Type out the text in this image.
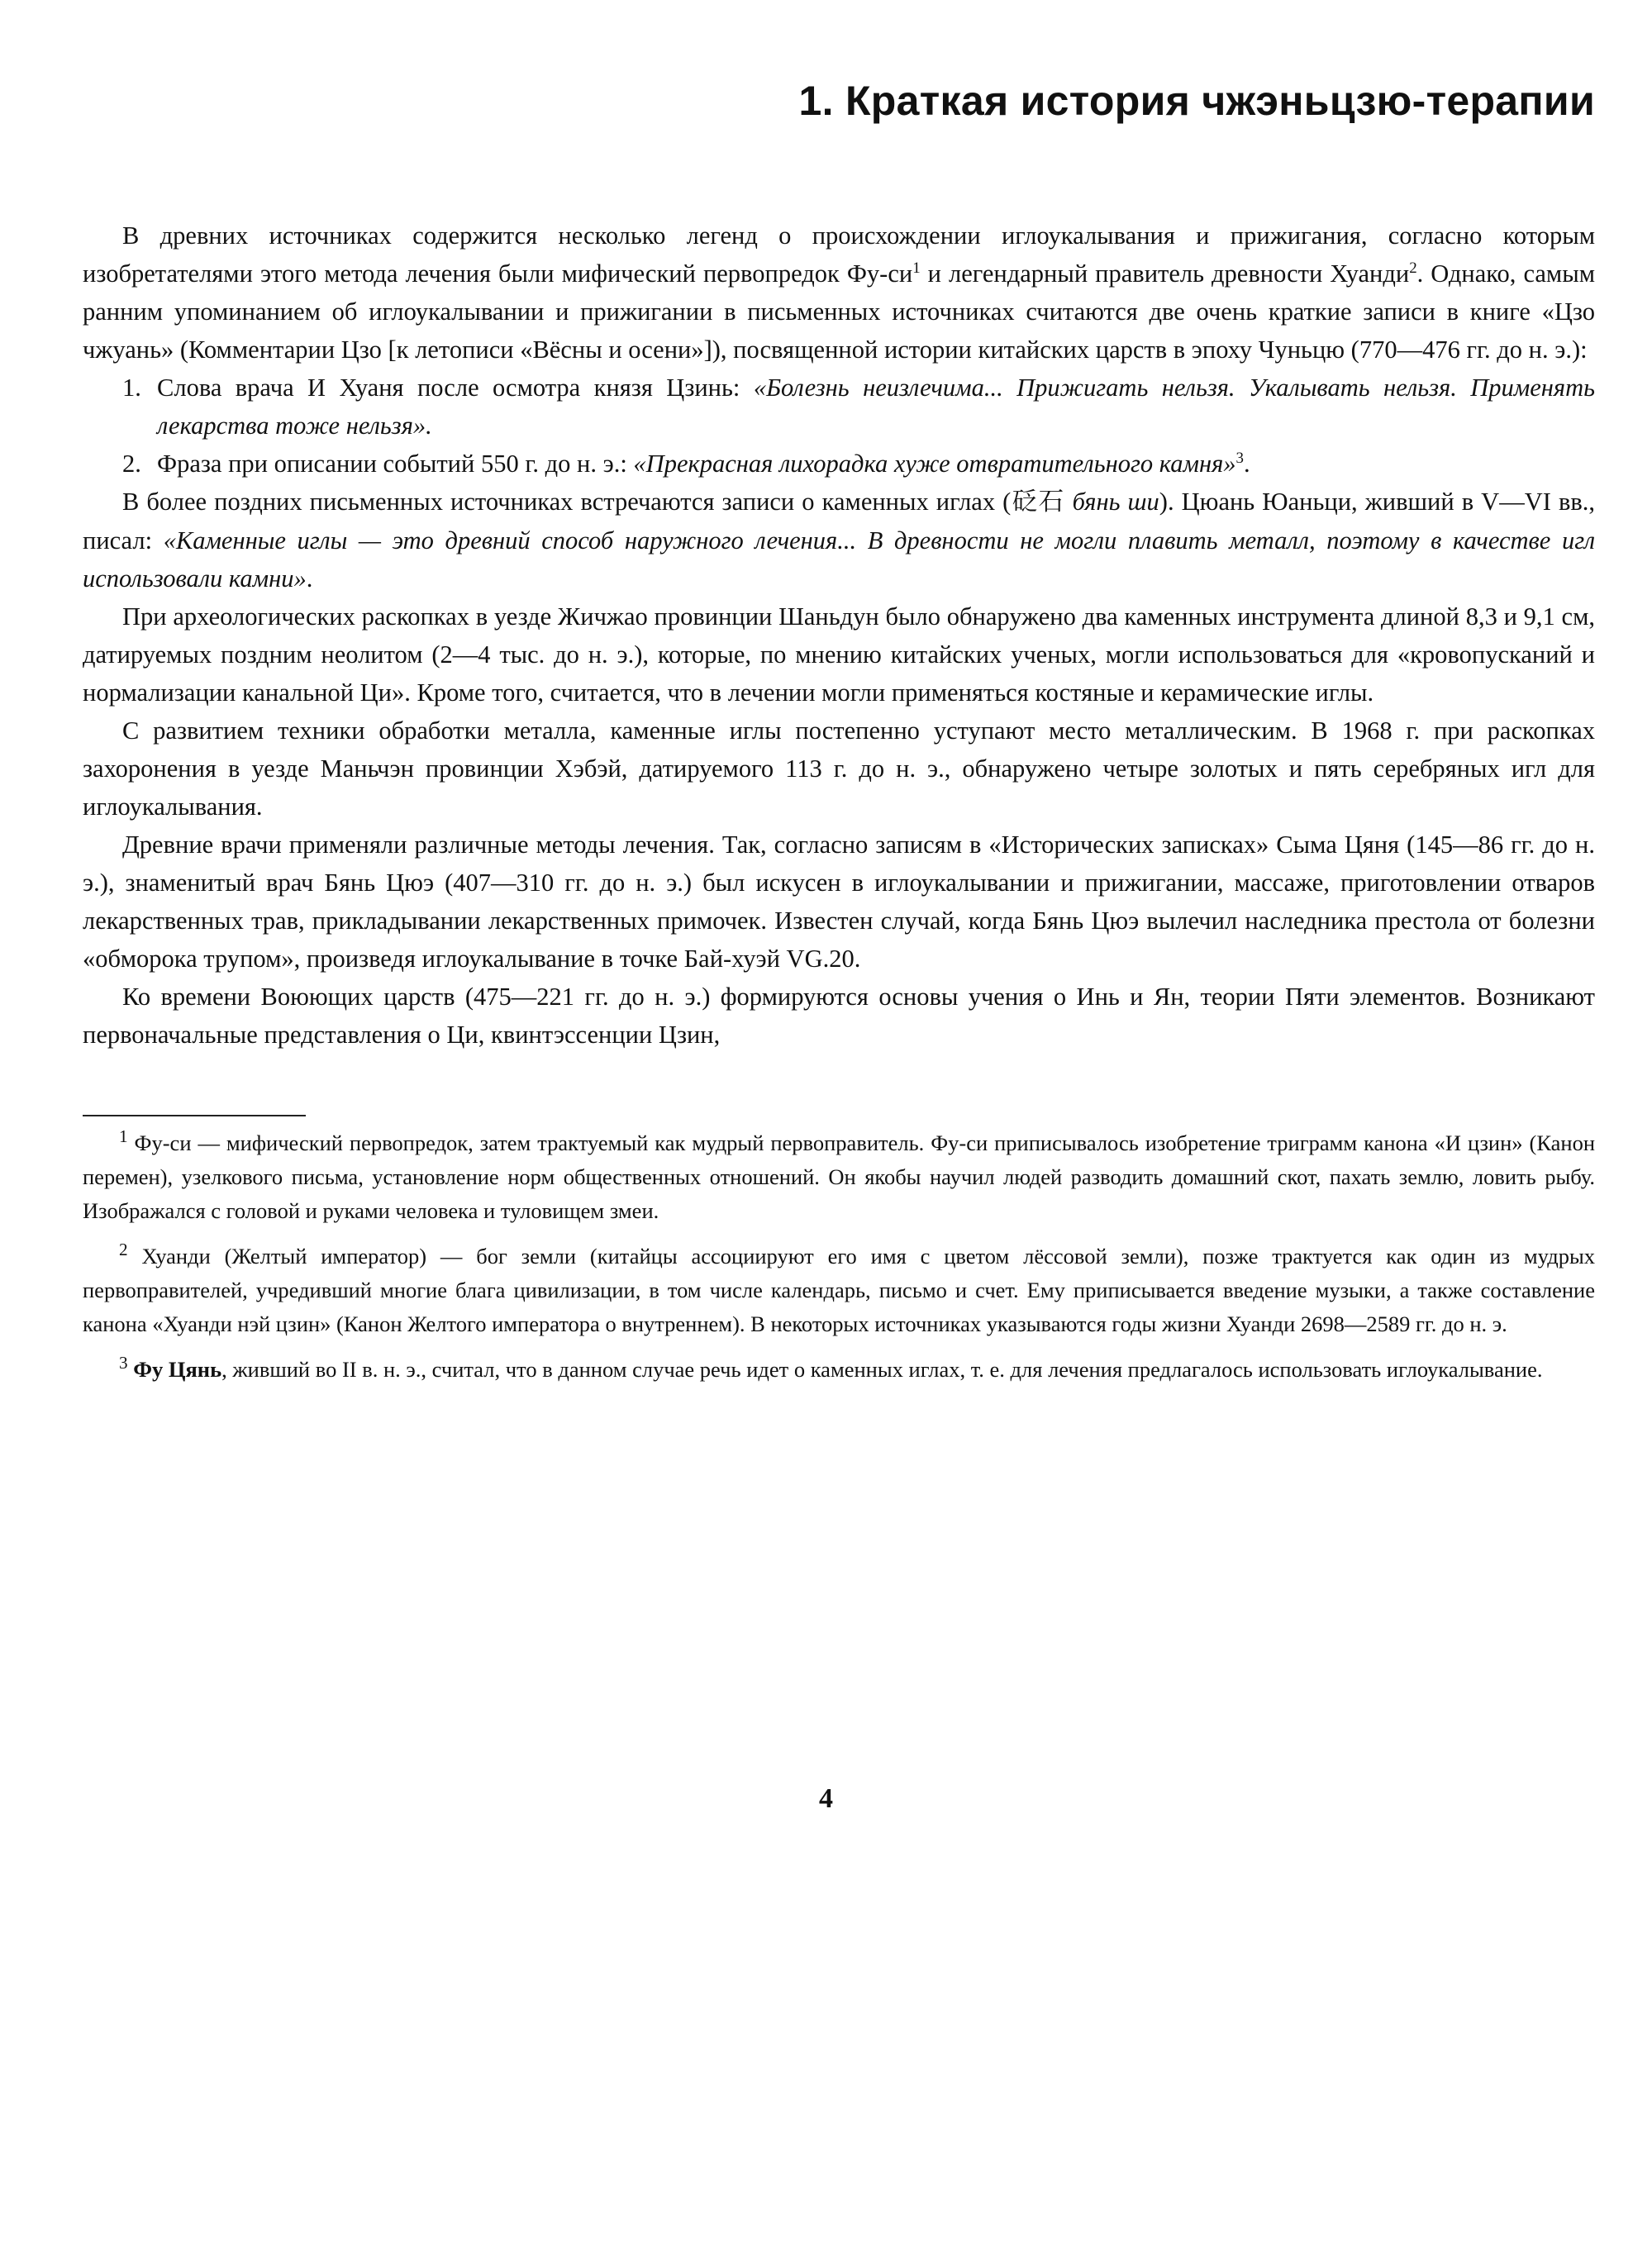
1. Краткая история чжэньцзю-терапии

В древних источниках содержится несколько легенд о происхождении иглоукалывания и прижигания, согласно которым изобретателями этого метода лечения были мифический первопредок $Фу-си^1$ и легендарный правитель древности Хуанди$^2$. Однако, самым ранним упоминанием об иглоукалывании и прижигании в письменных источниках считаются две очень краткие записи в книге «Цзо чжуань» (Комментарии Цзо [к летописи «Вёсны и осени»]), посвященной истории китайских царств в эпоху Чуньцю (770—476 гг. до н. э.):

1. Слова врача И Хуаня после осмотра князя Цзинь: «Болезнь неизлечима... Прижигать нельзя. Укалывать нельзя. Применять лекарства тоже нельзя».
2. Фраза при описании событий 550 г. до н. э.: «Прекрасная лихорадка хуже отвратительного камня»$^3$.

В более поздних письменных источниках встречаются записи о каменных иглах (砭石 бянь ши). Цюань Юаньци, живший в V—VI вв., писал: «Каменные иглы — это древний способ наружного лечения... В древности не могли плавить металл, поэтому в качестве игл использовали камни».

При археологических раскопках в уезде Жичжао провинции Шаньдун было обнаружено два каменных инструмента длиной 8,3 и 9,1 см, датируемых поздним неолитом (2—4 тыс. до н. э.), которые, по мнению китайских ученых, могли использоваться для «кровопусканий и нормализации канальной Ци». Кроме того, считается, что в лечении могли применяться костяные и керамические иглы.

С развитием техники обработки металла, каменные иглы постепенно уступают место металлическим. В 1968 г. при раскопках захоронения в уезде Маньчэн провинции Хэбэй, датируемого 113 г. до н. э., обнаружено четыре золотых и пять серебряных игл для иглоукалывания.

Древние врачи применяли различные методы лечения. Так, согласно записям в «Исторических записках» Сыма Цяня (145—86 гг. до н. э.), знаменитый врач Бянь Цюэ (407—310 гг. до н. э.) был искусен в иглоукалывании и прижигании, массаже, приготовлении отваров лекарственных трав, прикладывании лекарственных примочек. Известен случай, когда Бянь Цюэ вылечил наследника престола от болезни «обморока трупом», произведя иглоукалывание в точке Бай-хуэй VG.20.

Ко времени Воюющих царств (475—221 гг. до н. э.) формируются основы учения о Инь и Ян, теории Пяти элементов. Возникают первоначальные представления о Ци, квинтэссенции Цзин,

$^1$ Фу-си — мифический первопредок, затем трактуемый как мудрый первоправитель. Фу-си приписывалось изобретение триграмм канона «И цзин» (Канон перемен), узелкового письма, установление норм общественных отношений. Он якобы научил людей разводить домашний скот, пахать землю, ловить рыбу. Изображался с головой и руками человека и туловищем змеи.

$^2$ Хуанди (Желтый император) — бог земли (китайцы ассоциируют его имя с цветом лёссовой земли), позже трактуется как один из мудрых первоправителей, учредивший многие блага цивилизации, в том числе календарь, письмо и счет. Ему приписывается введение музыки, а также составление канона «Хуанди нэй цзин» (Канон Желтого императора о внутреннем). В некоторых источниках указываются годы жизни Хуанди 2698—2589 гг. до н. э.

$^3$ Фу Цянь, живший во II в. н. э., считал, что в данном случае речь идет о каменных иглах, т. е. для лечения предлагалось использовать иглоукалывание.

4
